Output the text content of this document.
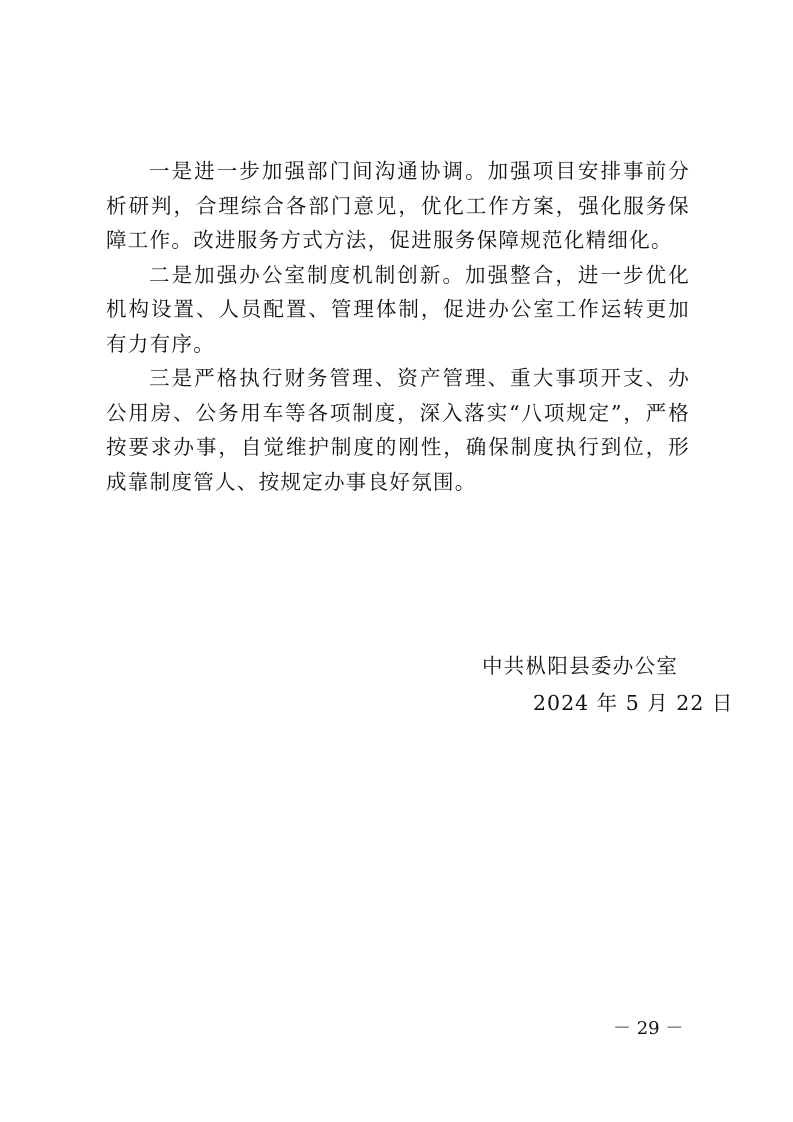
一是进一步加强部门间沟通协调。加强项目安排事前分析研判，合理综合各部门意见，优化工作方案，强化服务保障工作。改进服务方式方法，促进服务保障规范化精细化。

二是加强办公室制度机制创新。加强整合，进一步优化机构设置、人员配置、管理体制，促进办公室工作运转更加有力有序。

三是严格执行财务管理、资产管理、重大事项开支、办公用房、公务用车等各项制度，深入落实“八项规定”，严格按要求办事，自觉维护制度的刚性，确保制度执行到位，形成靠制度管人、按规定办事良好氛围。

中共枞阳县委办公室
2024 年 5 月 22 日
－ 29 －
